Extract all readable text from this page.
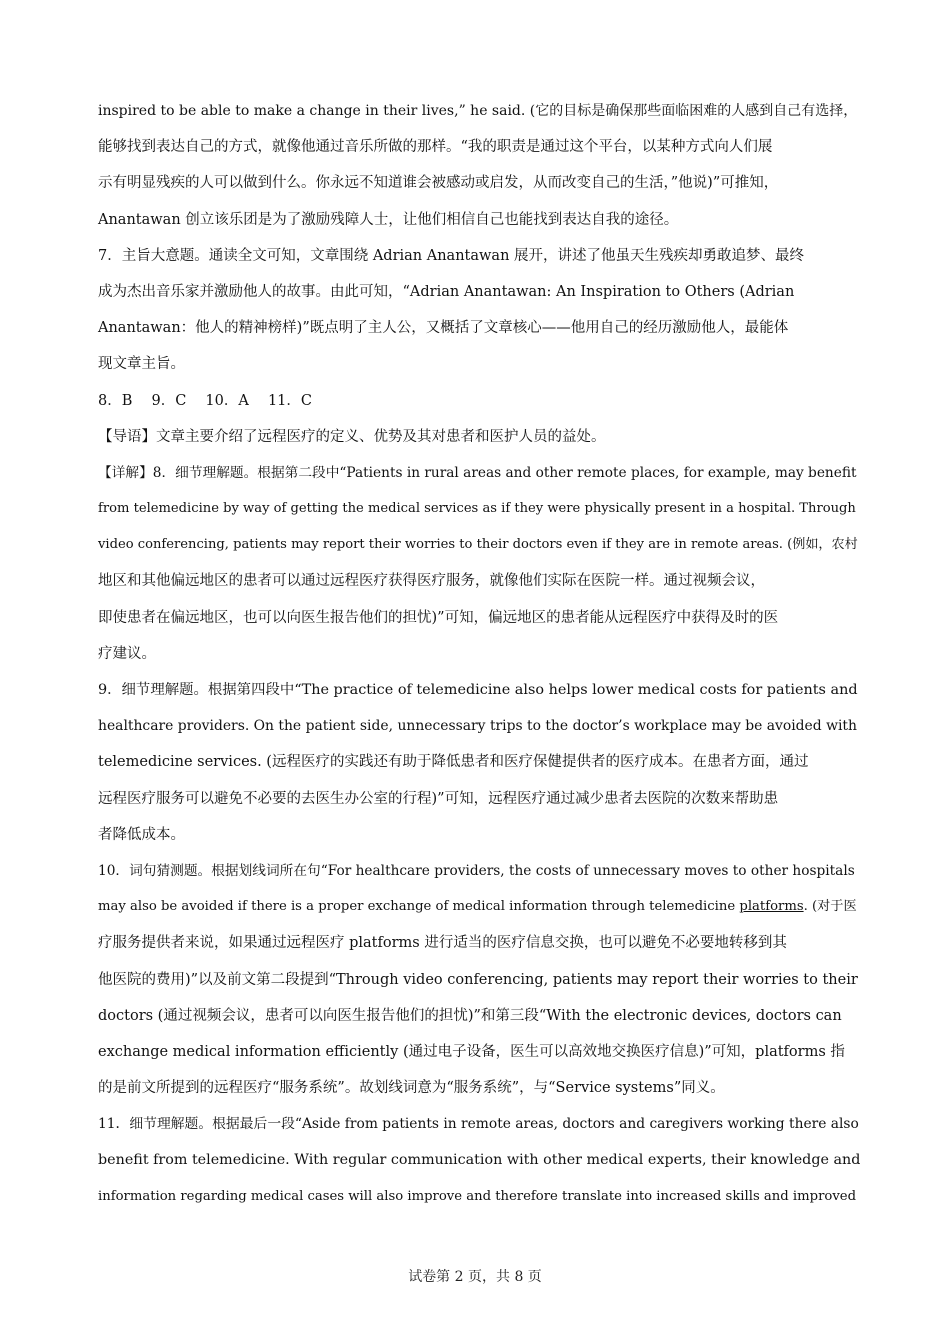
inspired to be able to make a change in their lives,” he said. (它的目标是确保那些面临困难的人感到自己有选择，
能够找到表达自己的方式，就像他通过音乐所做的那样。“我的职责是通过这个平台，以某种方式向人们展
示有明显残疾的人可以做到什么。你永远不知道谁会被感动或启发，从而改变自己的生活，”他说)”可推知，
Anantawan 创立该乐团是为了激励残障人士，让他们相信自己也能找到表达自我的途径。
7．主旨大意题。通读全文可知，文章围绕 Adrian Anantawan 展开，讲述了他虽天生残疾却勇敢追梦、最终
成为杰出音乐家并激励他人的故事。由此可知，“Adrian Anantawan: An Inspiration to Others (Adrian
Anantawan：他人的精神榜样)”既点明了主人公，又概括了文章核心——他用自己的经历激励他人，最能体
现文章主旨。
8．B　 9．C　 10．A　 11．C
【导语】文章主要介绍了远程医疗的定义、优势及其对患者和医护人员的益处。
【详解】8．细节理解题。根据第二段中“Patients in rural areas and other remote places, for example, may benefit
from telemedicine by way of getting the medical services as if they were physically present in a hospital. Through
video conferencing, patients may report their worries to their doctors even if they are in remote areas. (例如，农村
地区和其他偏远地区的患者可以通过远程医疗获得医疗服务，就像他们实际在医院一样。通过视频会议，
即使患者在偏远地区，也可以向医生报告他们的担忧)”可知，偏远地区的患者能从远程医疗中获得及时的医
疗建议。
9．细节理解题。根据第四段中“The practice of telemedicine also helps lower medical costs for patients and
healthcare providers. On the patient side, unnecessary trips to the doctor’s workplace may be avoided with
telemedicine services. (远程医疗的实践还有助于降低患者和医疗保健提供者的医疗成本。在患者方面，通过
远程医疗服务可以避免不必要的去医生办公室的行程)”可知，远程医疗通过减少患者去医院的次数来帮助患
者降低成本。
10．词句猜测题。根据划线词所在句“For healthcare providers, the costs of unnecessary moves to other hospitals
may also be avoided if there is a proper exchange of medical information through telemedicine platforms. (对于医
疗服务提供者来说，如果通过远程医疗 platforms 进行适当的医疗信息交换，也可以避免不必要地转移到其
他医院的费用)”以及前文第二段提到“Through video conferencing, patients may report their worries to their
doctors (通过视频会议，患者可以向医生报告他们的担忧)”和第三段“With the electronic devices, doctors can
exchange medical information efficiently (通过电子设备，医生可以高效地交换医疗信息)”可知，platforms 指
的是前文所提到的远程医疗“服务系统”。故划线词意为“服务系统”，与“Service systems”同义。
11．细节理解题。根据最后一段“Aside from patients in remote areas, doctors and caregivers working there also
benefit from telemedicine. With regular communication with other medical experts, their knowledge and
information regarding medical cases will also improve and therefore translate into increased skills and improved
试卷第 2 页，共 8 页
